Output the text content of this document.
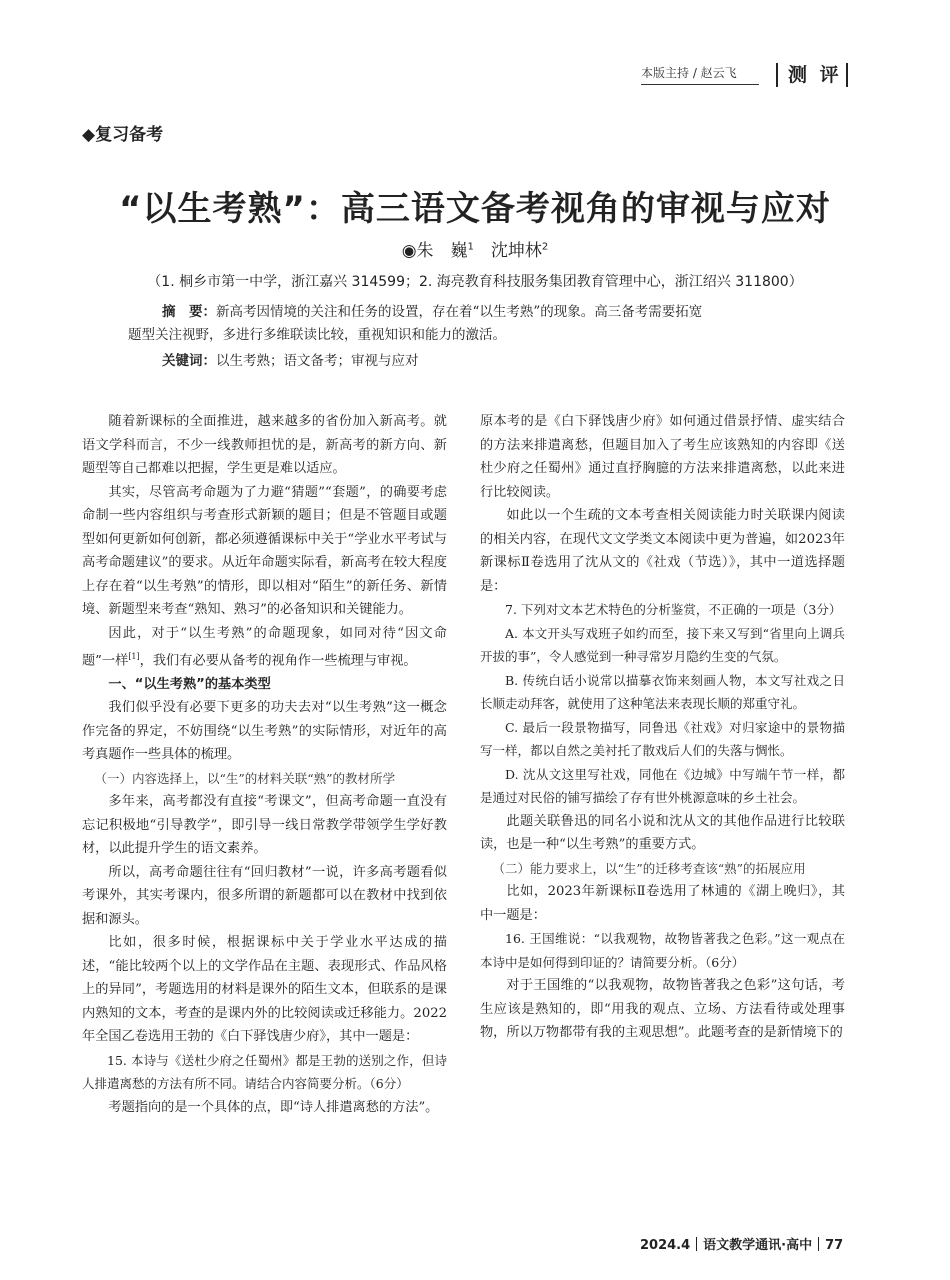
本版主持 / 赵云飞	测 评
◆复习备考
“以生考熟”：高三语文备考视角的审视与应对
◉朱　巍$^1$　 沈坤林$^2$
（1. 桐乡市第一中学，浙江嘉兴 314599；2. 海亮教育科技服务集团教育管理中心，浙江绍兴 311800）

摘　要：新高考因情境的关注和任务的设置，存在着“以生考熟”的现象。高三备考需要拓宽

题型关注视野，多进行多维联读比较，重视知识和能力的激活。

关键词：以生考熟；语文备考；审视与应对

随着新课标的全面推进，越来越多的省份加入新高考。就语文学科而言，不少一线教师担忧的是，新高考的新方向、新题型等自己都难以把握，学生更是难以适应。

其实，尽管高考命题为了力避“猜题”“套题”，的确要考虑命制一些内容组织与考查形式新颖的题目；但是不管题目或题型如何更新如何创新，都必须遵循课标中关于“学业水平考试与高考命题建议”的要求。从近年命题实际看，新高考在较大程度上存在着“以生考熟”的情形，即以相对“陌生”的新任务、新情境、新题型来考查“熟知、熟习”的必备知识和关键能力。

因此，对于“以生考熟”的命题现象，如同对待“因文命题”一样[1]，我们有必要从备考的视角作一些梳理与审视。

一、“以生考熟”的基本类型

我们似乎没有必要下更多的功夫去对“以生考熟”这一概念作完备的界定，不妨围绕“以生考熟”的实际情形，对近年的高考真题作一些具体的梳理。

（一）内容选择上，以“生”的材料关联“熟”的教材所学

多年来，高考都没有直接“考课文”，但高考命题一直没有忘记积极地“引导教学”，即引导一线日常教学带领学生学好教材，以此提升学生的语文素养。

所以，高考命题往往有“回归教材”一说，许多高考题看似考课外，其实考课内，很多所谓的新题都可以在教材中找到依据和源头。

比如，很多时候，根据课标中关于学业水平达成的描述，“能比较两个以上的文学作品在主题、表现形式、作品风格上的异同”，考题选用的材料是课外的陌生文本，但联系的是课内熟知的文本，考查的是课内外的比较阅读或迁移能力。2022年全国乙卷选用王勃的《白下驿饯唐少府》，其中一题是：

15. 本诗与《送杜少府之任蜀州》都是王勃的送别之作，但诗人排遣离愁的方法有所不同。请结合内容简要分析。（6分）

考题指向的是一个具体的点，即“诗人排遣离愁的方法”。

原本考的是《白下驿饯唐少府》如何通过借景抒情、虚实结合的方法来排遣离愁，但题目加入了考生应该熟知的内容即《送杜少府之任蜀州》通过直抒胸臆的方法来排遣离愁，以此来进行比较阅读。

如此以一个生疏的文本考查相关阅读能力时关联课内阅读的相关内容，在现代文文学类文本阅读中更为普遍，如2023年新课标Ⅱ卷选用了沈从文的《社戏（节选）》，其中一道选择题是：

7. 下列对文本艺术特色的分析鉴赏，不正确的一项是（3分）

A. 本文开头写戏班子如约而至，接下来又写到“省里向上调兵开拔的事”，令人感觉到一种寻常岁月隐约生变的气氛。

B. 传统白话小说常以描摹衣饰来刻画人物，本文写社戏之日长顺走动拜客，就使用了这种笔法来表现长顺的郑重守礼。

C. 最后一段景物描写，同鲁迅《社戏》对归家途中的景物描写一样，都以自然之美衬托了散戏后人们的失落与惆怅。

D. 沈从文这里写社戏，同他在《边城》中写端午节一样，都是通过对民俗的铺写描绘了存有世外桃源意味的乡土社会。

此题关联鲁迅的同名小说和沈从文的其他作品进行比较联读，也是一种“以生考熟”的重要方式。

（二）能力要求上，以“生”的迁移考查该“熟”的拓展应用

比如，2023年新课标Ⅱ卷选用了林逋的《湖上晚归》，其中一题是：

16. 王国维说：“以我观物，故物皆著我之色彩。”这一观点在本诗中是如何得到印证的？请简要分析。（6分）

对于王国维的“以我观物，故物皆著我之色彩”这句话，考生应该是熟知的，即“用我的观点、立场、方法看待或处理事物，所以万物都带有我的主观思想”。此题考查的是新情境下的

2024.4 语文教学通讯·高中 77
